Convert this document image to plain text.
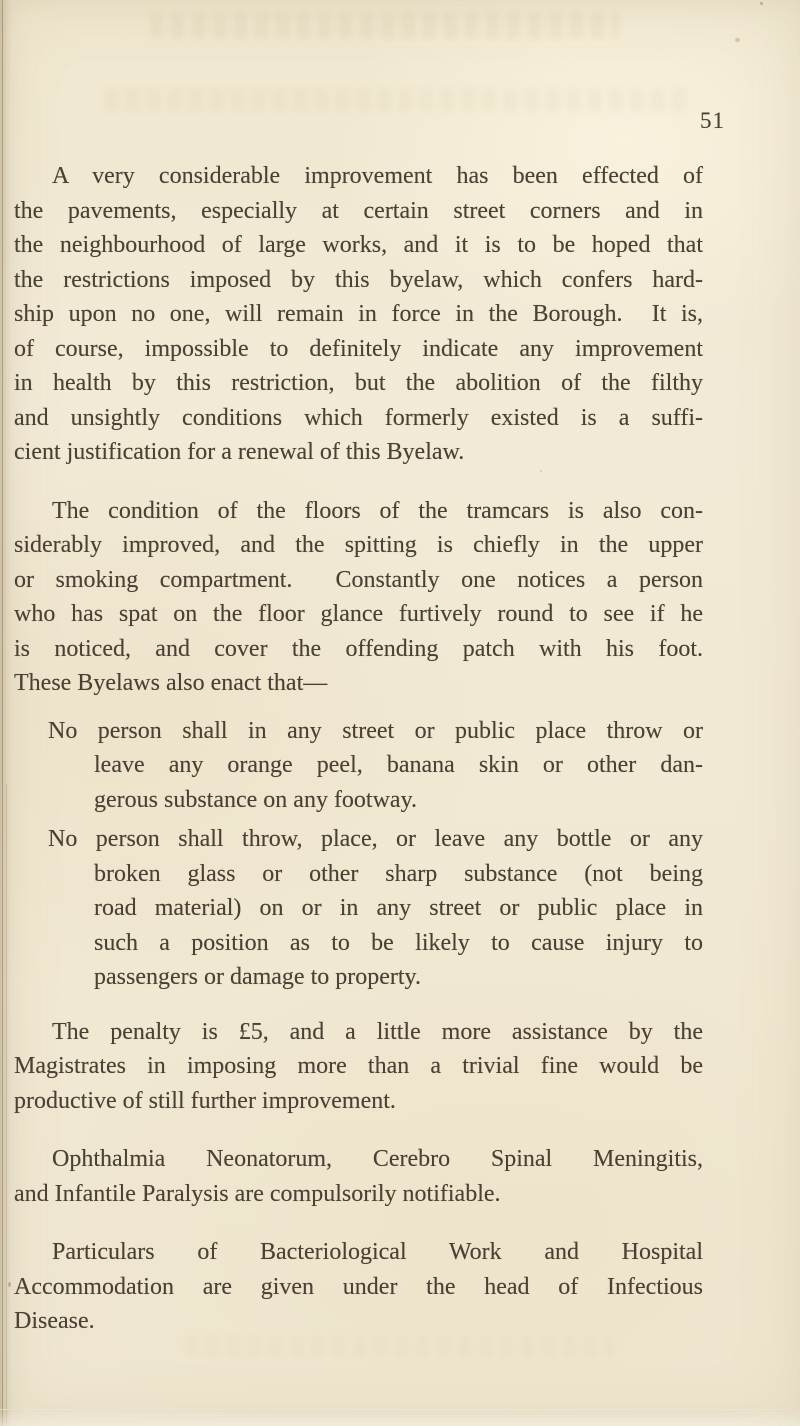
51
A very considerable improvement has been effected of
the pavements, especially at certain street corners and in
the neighbourhood of large works, and it is to be hoped that
the restrictions imposed by this byelaw, which confers hard-
ship upon no one, will remain in force in the Borough.  It is,
of course, impossible to definitely indicate any improvement
in health by this restriction, but the abolition of the filthy
and unsightly conditions which formerly existed is a suffi-
cient justification for a renewal of this Byelaw.
The condition of the floors of the tramcars is also con-
siderably improved, and the spitting is chiefly in the upper
or smoking compartment.  Constantly one notices a person
who has spat on the floor glance furtively round to see if he
is noticed, and cover the offending patch with his foot.
These Byelaws also enact that—
No person shall in any street or public place throw or
leave any orange peel, banana skin or other dan-
gerous substance on any footway.
No person shall throw, place, or leave any bottle or any
broken glass or other sharp substance (not being
road material) on or in any street or public place in
such a position as to be likely to cause injury to
passengers or damage to property.
The penalty is £5, and a little more assistance by the
Magistrates in imposing more than a trivial fine would be
productive of still further improvement.
Ophthalmia Neonatorum, Cerebro Spinal Meningitis,
and Infantile Paralysis are compulsorily notifiable.
Particulars of Bacteriological Work and Hospital
Accommodation are given under the head of Infectious
Disease.
